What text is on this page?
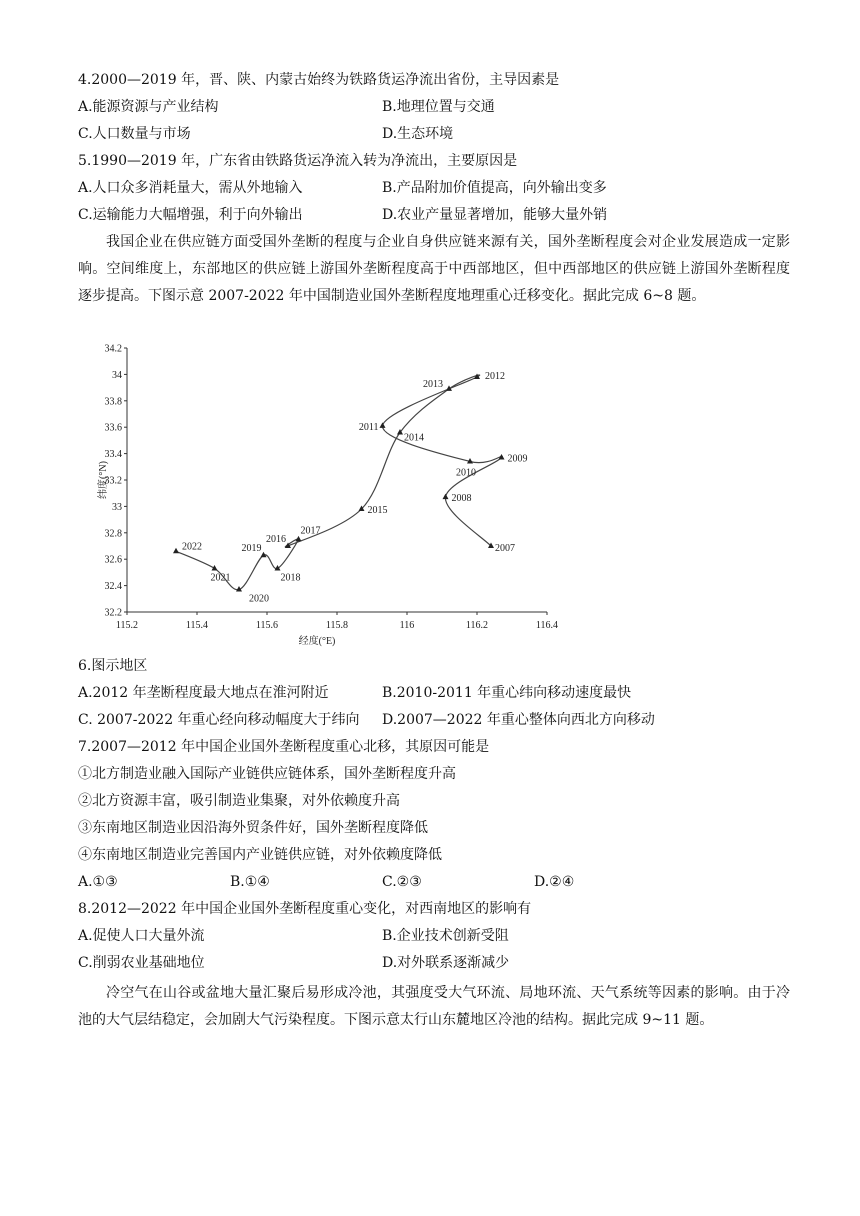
4.2000—2019 年，晋、陕、内蒙古始终为铁路货运净流出省份，主导因素是
A.能源资源与产业结构	B.地理位置与交通
C.人口数量与市场	D.生态环境
5.1990—2019 年，广东省由铁路货运净流入转为净流出，主要原因是
A.人口众多消耗量大，需从外地输入	B.产品附加价值提高，向外输出变多
C.运输能力大幅增强，利于向外输出	D.农业产量显著增加，能够大量外销
我国企业在供应链方面受国外垄断的程度与企业自身供应链来源有关，国外垄断程度会对企业发展造成一定影响。空间维度上，东部地区的供应链上游国外垄断程度高于中西部地区，但中西部地区的供应链上游国外垄断程度逐步提高。下图示意 2007-2022 年中国制造业国外垄断程度地理重心迁移变化。据此完成 6~8 题。
32.2
32.4
32.6
32.8
33
33.2
33.4
33.6
33.8
34
34.2
115.2	115.4	115.6	115.8	116	116.2	116.4
经度(°E)
纬度(°N)
2007
2008
2009
2010
2011
2012
2013
2014
2015
2016
2017
2018
2019
2020
2021
2022
6.图示地区
A.2012 年垄断程度最大地点在淮河附近	B.2010-2011 年重心纬向移动速度最快
C. 2007-2022 年重心经向移动幅度大于纬向 D.2007—2022 年重心整体向西北方向移动
7.2007—2012 年中国企业国外垄断程度重心北移，其原因可能是
①北方制造业融入国际产业链供应链体系，国外垄断程度升高
②北方资源丰富，吸引制造业集聚，对外依赖度升高
③东南地区制造业因沿海外贸条件好，国外垄断程度降低
④东南地区制造业完善国内产业链供应链，对外依赖度降低
A.①③	B.①④	C.②③	D.②④
8.2012—2022 年中国企业国外垄断程度重心变化，对西南地区的影响有
A.促使人口大量外流	B.企业技术创新受阻
C.削弱农业基础地位	D.对外联系逐渐减少
冷空气在山谷或盆地大量汇聚后易形成冷池，其强度受大气环流、局地环流、天气系统等因素的影响。由于冷池的大气层结稳定，会加剧大气污染程度。下图示意太行山东麓地区冷池的结构。据此完成 9~11 题。
